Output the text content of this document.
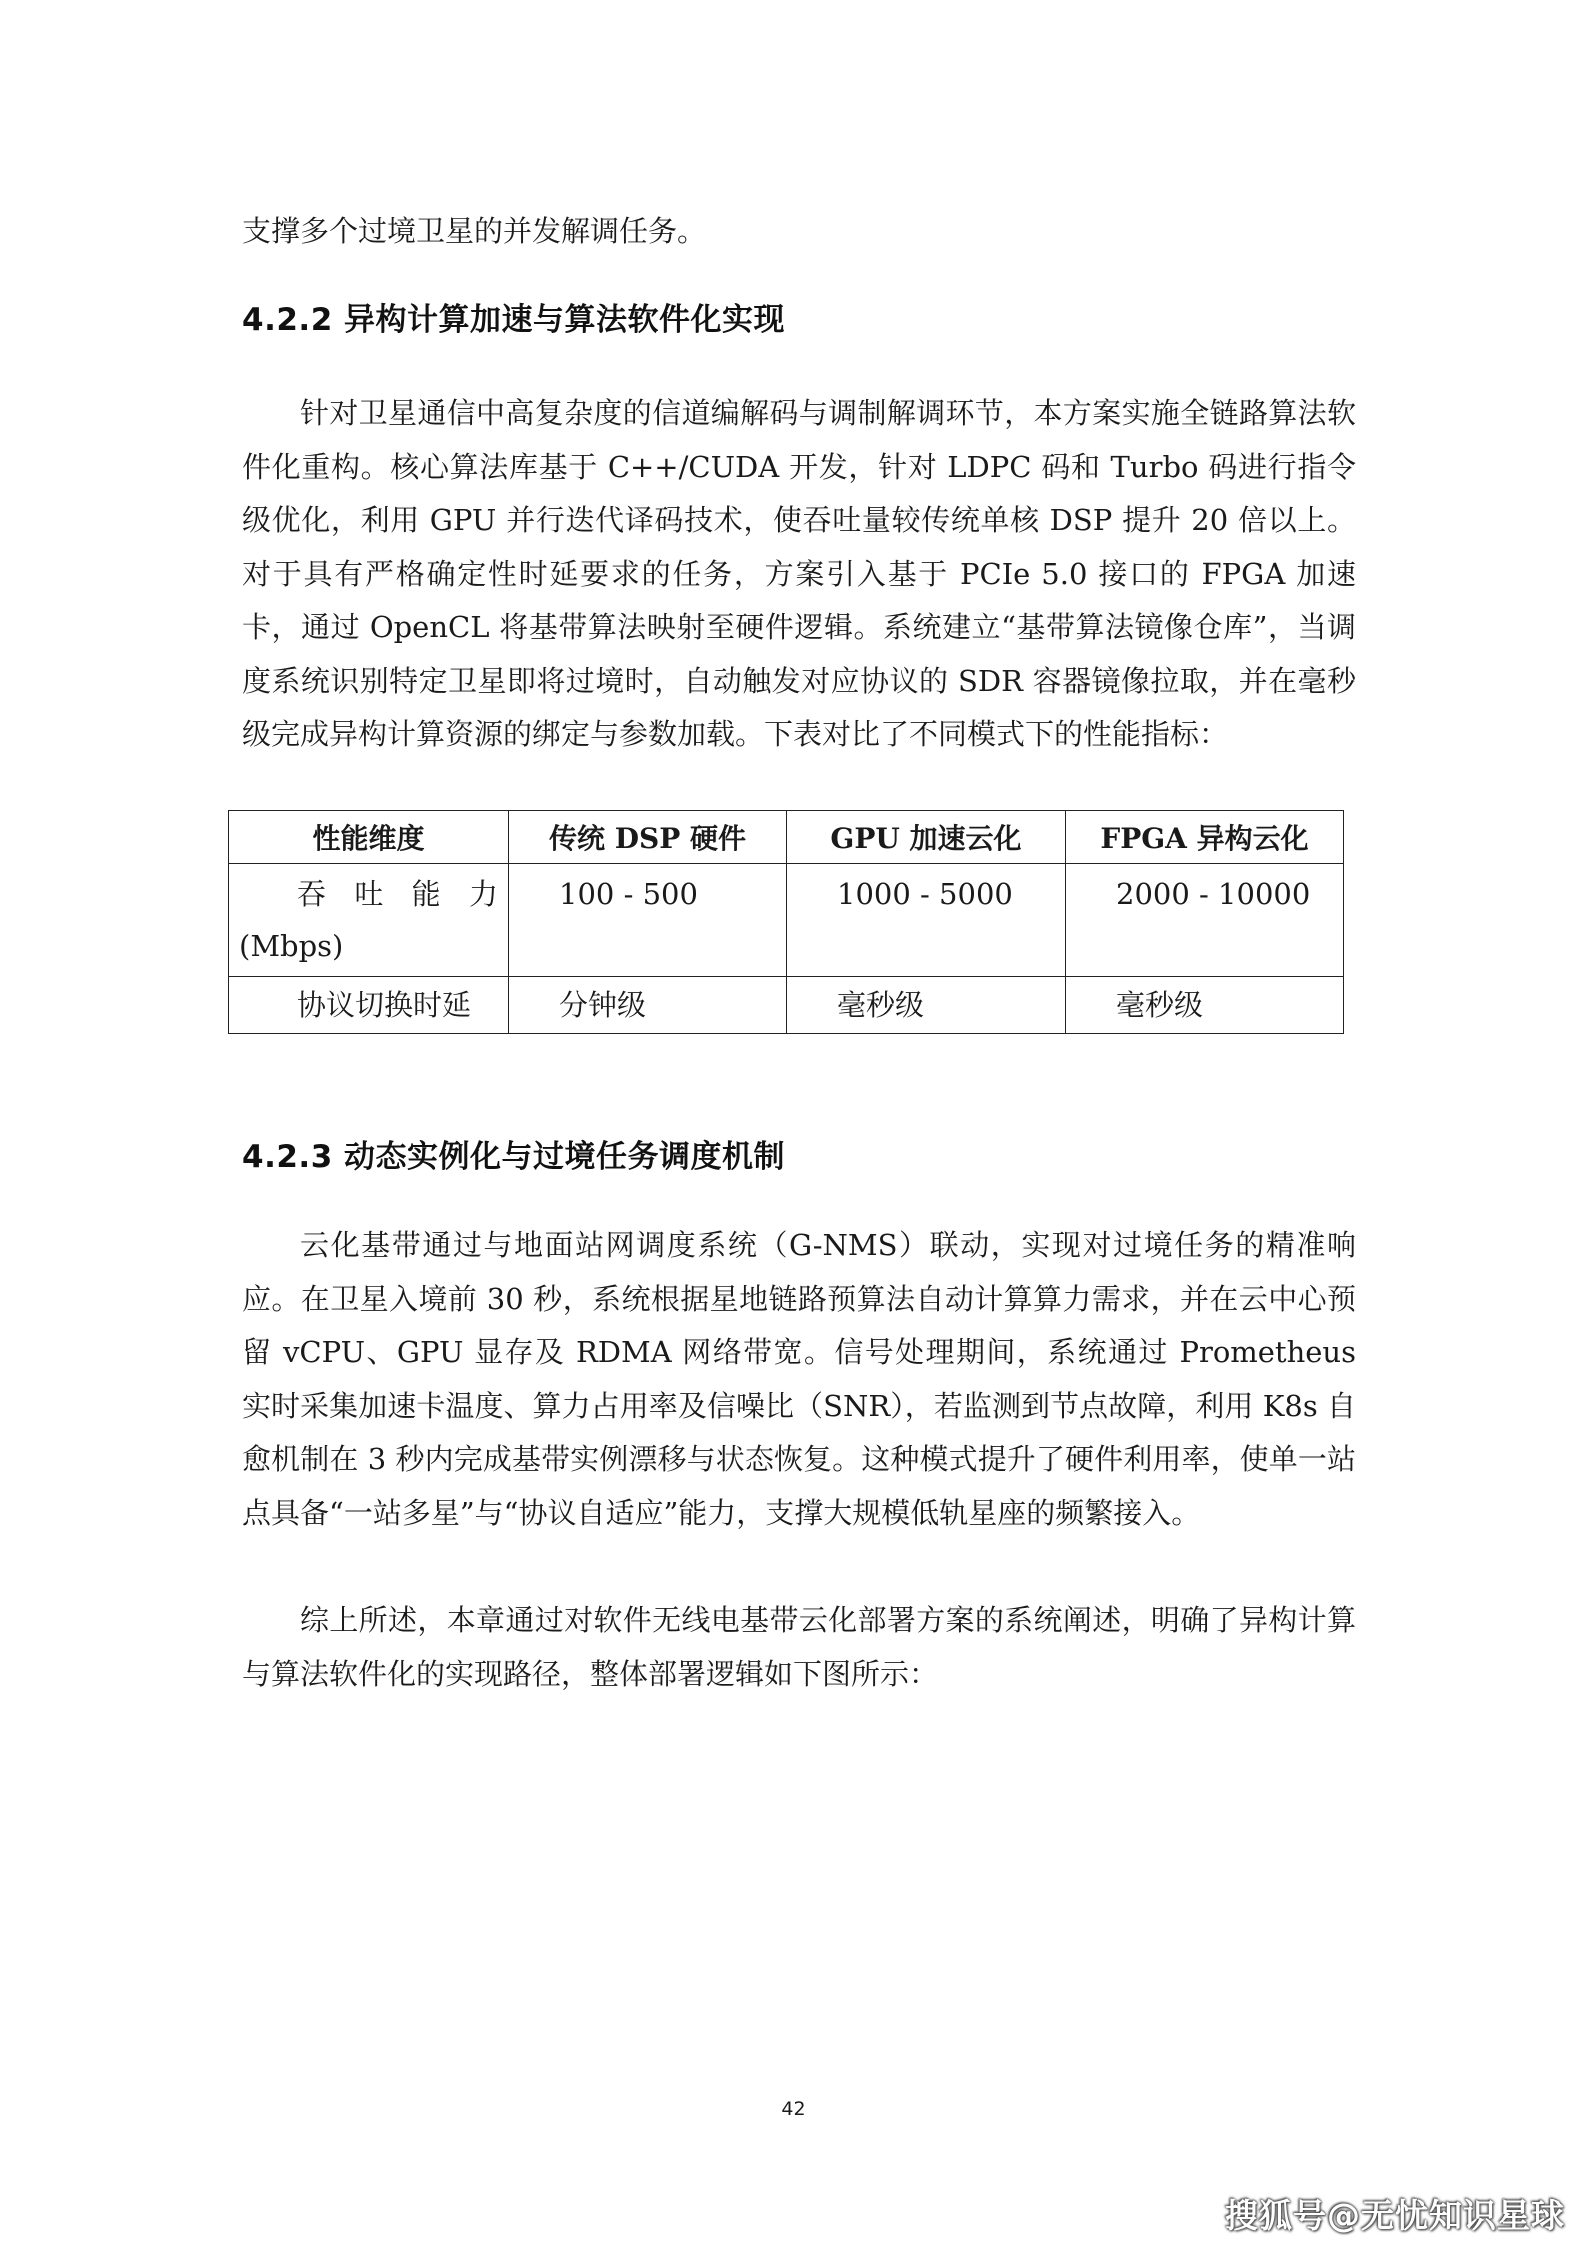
支撑多个过境卫星的并发解调任务。

4.2.2 异构计算加速与算法软件化实现

针对卫星通信中高复杂度的信道编解码与调制解调环节，本方案实施全链路算法软件化重构。核心算法库基于 C++/CUDA 开发，针对 LDPC 码和 Turbo 码进行指令级优化，利用 GPU 并行迭代译码技术，使吞吐量较传统单核 DSP 提升 20 倍以上。对于具有严格确定性时延要求的任务，方案引入基于 PCIe 5.0 接口的 FPGA 加速卡，通过 OpenCL 将基带算法映射至硬件逻辑。系统建立“基带算法镜像仓库”，当调度系统识别特定卫星即将过境时，自动触发对应协议的 SDR 容器镜像拉取，并在毫秒级完成异构计算资源的绑定与参数加载。下表对比了不同模式下的性能指标：

性能维度	传统 DSP 硬件	GPU 加速云化	FPGA 异构云化
吞 吐 能 力 (Mbps)	100 - 500	1000 - 5000	2000 - 10000
协议切换时延	分钟级	毫秒级	毫秒级
4.2.3 动态实例化与过境任务调度机制

云化基带通过与地面站网调度系统（G-NMS）联动，实现对过境任务的精准响应。在卫星入境前 30 秒，系统根据星地链路预算法自动计算算力需求，并在云中心预留 vCPU、GPU 显存及 RDMA 网络带宽。信号处理期间，系统通过 Prometheus 实时采集加速卡温度、算力占用率及信噪比（SNR），若监测到节点故障，利用 K8s 自愈机制在 3 秒内完成基带实例漂移与状态恢复。这种模式提升了硬件利用率，使单一站点具备“一站多星”与“协议自适应”能力，支撑大规模低轨星座的频繁接入。

综上所述，本章通过对软件无线电基带云化部署方案的系统阐述，明确了异构计算与算法软件化的实现路径，整体部署逻辑如下图所示：

42
搜狐号@无忧知识星球
